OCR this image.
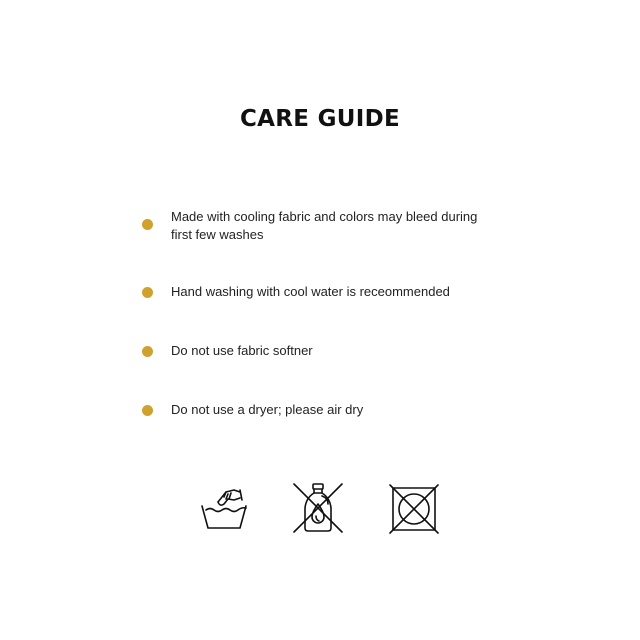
CARE GUIDE
Made with cooling fabric and colors may bleed during first few washes
Hand washing with cool water is receommended
Do not use fabric softner
Do not use a dryer; please air dry
